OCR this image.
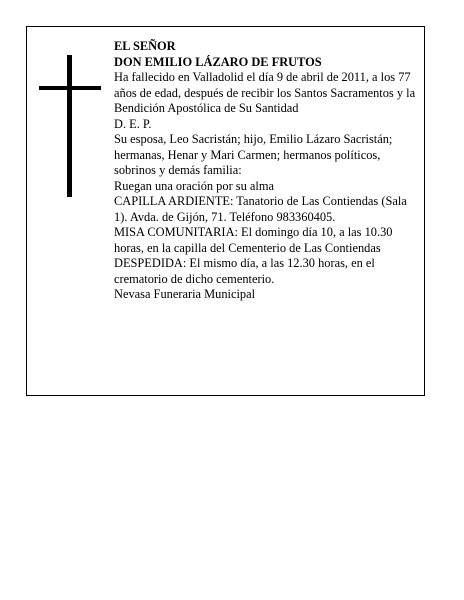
EL SEÑOR

DON EMILIO LÁZARO DE FRUTOS

Ha fallecido en Valladolid el día 9 de abril de 2011, a los 77 años de edad, después de recibir los Santos Sacramentos y la Bendición Apostólica de Su Santidad

D. E. P.

Su esposa, Leo Sacristán; hijo, Emilio Lázaro Sacristán; hermanas, Henar y Mari Carmen; hermanos políticos, sobrinos y demás familia:

Ruegan una oración por su alma

CAPILLA ARDIENTE: Tanatorio de Las Contiendas (Sala 1). Avda. de Gijón, 71. Teléfono 983360405.

MISA COMUNITARIA: El domingo día 10, a las 10.30 horas, en la capilla del Cementerio de Las Contiendas

DESPEDIDA: El mismo día, a las 12.30 horas, en el crematorio de dicho cementerio.

Nevasa Funeraria Municipal
